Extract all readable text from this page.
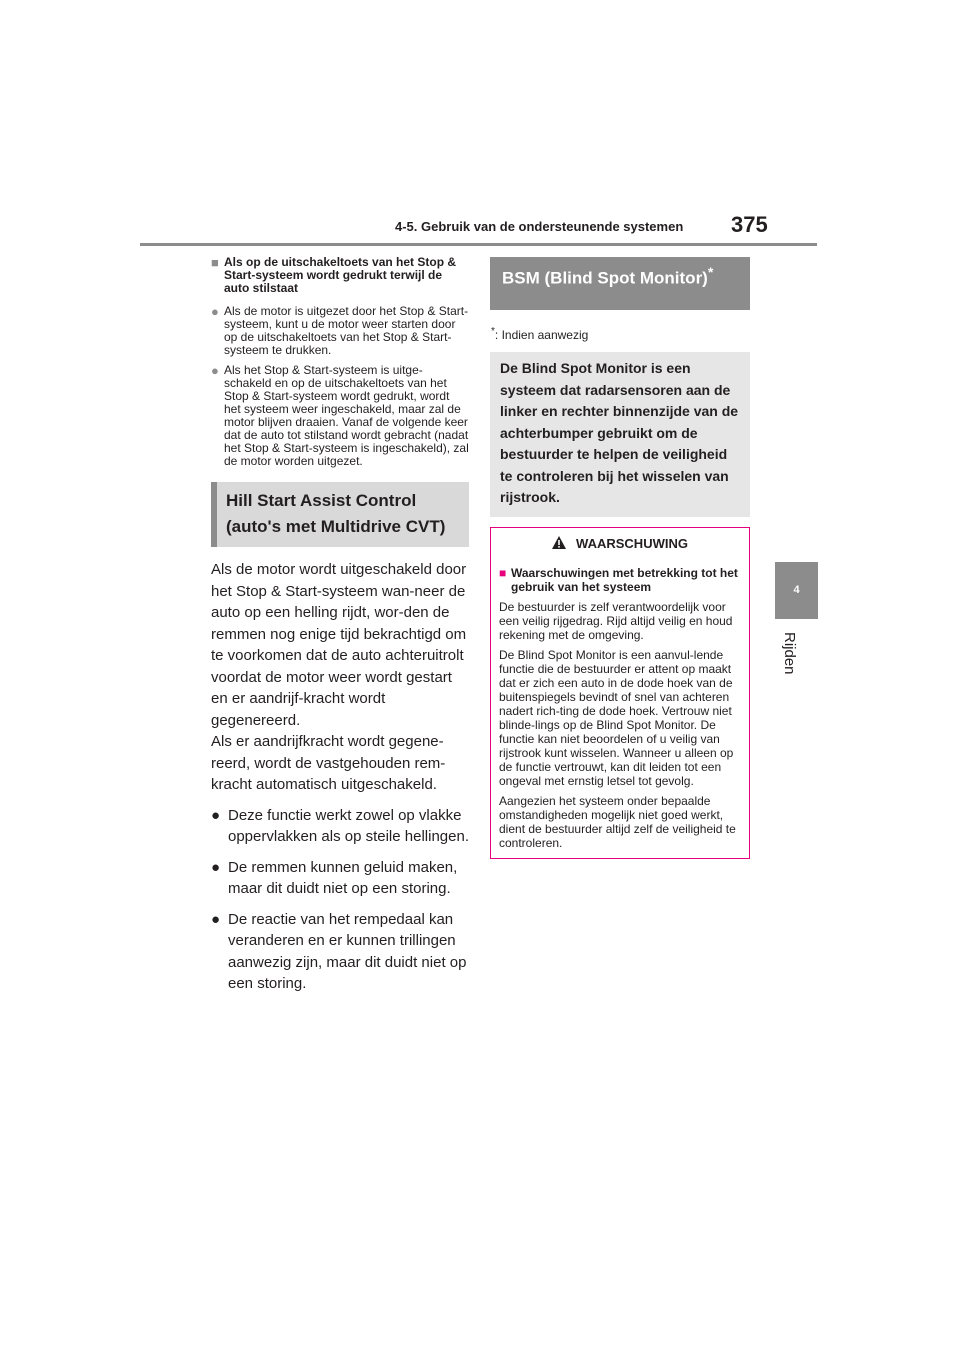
4-5. Gebruik van de ondersteunende systemen 375
4
Rijden
■ Als op de uitschakeltoets van het Stop & Start-systeem wordt gedrukt terwijl de auto stilstaat
● Als de motor is uitgezet door het Stop & Start-systeem, kunt u de motor weer starten door op de uitschakeltoets van het Stop & Start-systeem te drukken.
● Als het Stop & Start-systeem is uitge-schakeld en op de uitschakeltoets van het Stop & Start-systeem wordt gedrukt, wordt het systeem weer ingeschakeld, maar zal de motor blijven draaien. Vanaf de volgende keer dat de auto tot stilstand wordt gebracht (nadat het Stop & Start-systeem is ingeschakeld), zal de motor worden uitgezet.
Hill Start Assist Control (auto's met Multidrive CVT)
Als de motor wordt uitgeschakeld door het Stop & Start-systeem wan-neer de auto op een helling rijdt, wor-den de remmen nog enige tijd bekrachtigd om te voorkomen dat de auto achteruitrolt voordat de motor weer wordt gestart en er aandrijf-kracht wordt gegenereerd.
Als er aandrijfkracht wordt gegene-reerd, wordt de vastgehouden rem-kracht automatisch uitgeschakeld.
● Deze functie werkt zowel op vlakke oppervlakken als op steile hellingen.
● De remmen kunnen geluid maken, maar dit duidt niet op een storing.
● De reactie van het rempedaal kan veranderen en er kunnen trillingen aanwezig zijn, maar dit duidt niet op een storing.
BSM (Blind Spot Monitor)*
*: Indien aanwezig
De Blind Spot Monitor is een systeem dat radarsensoren aan de linker en rechter binnenzijde van de achterbumper gebruikt om de bestuurder te helpen de veiligheid te controleren bij het wisselen van rijstrook.
WAARSCHUWING
■ Waarschuwingen met betrekking tot het gebruik van het systeem
De bestuurder is zelf verantwoordelijk voor een veilig rijgedrag. Rijd altijd veilig en houd rekening met de omgeving.
De Blind Spot Monitor is een aanvul-lende functie die de bestuurder er attent op maakt dat er zich een auto in de dode hoek van de buitenspiegels bevindt of snel van achteren nadert rich-ting de dode hoek. Vertrouw niet blinde-lings op de Blind Spot Monitor. De functie kan niet beoordelen of u veilig van rijstrook kunt wisselen. Wanneer u alleen op de functie vertrouwt, kan dit leiden tot een ongeval met ernstig letsel tot gevolg.
Aangezien het systeem onder bepaalde omstandigheden mogelijk niet goed werkt, dient de bestuurder altijd zelf de veiligheid te controleren.
